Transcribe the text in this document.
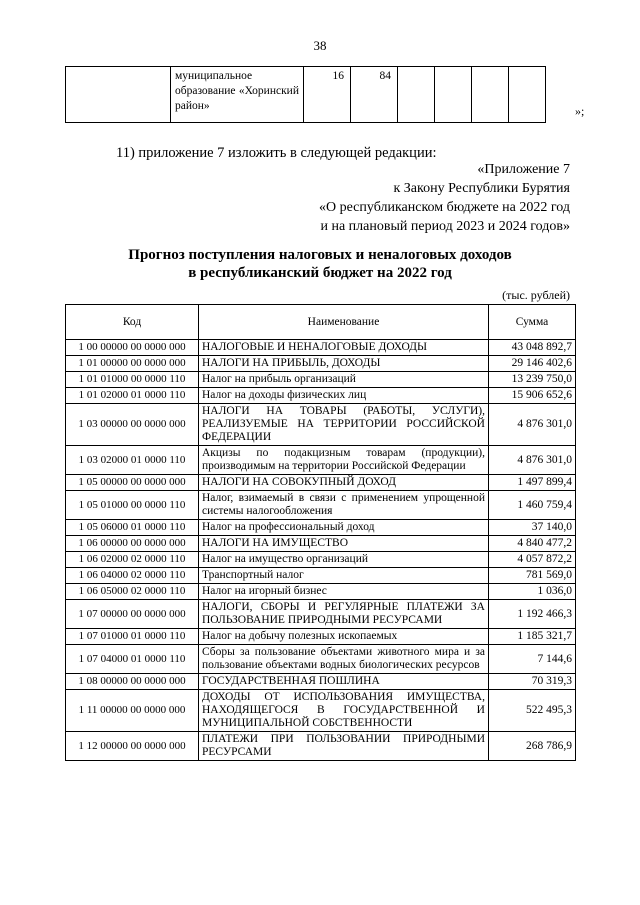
38
	муниципальное образование «Хоринский район»	16	84				
»;
11) приложение 7 изложить в следующей редакции:
«Приложение 7
к Закону Республики Бурятия
«О республиканском бюджете на 2022 год
и на плановый период 2023 и 2024 годов»
Прогноз поступления налоговых и неналоговых доходов
в республиканский бюджет на 2022 год
(тыс. рублей)
Код	Наименование	Сумма
1 00 00000 00 0000 000	НАЛОГОВЫЕ И НЕНАЛОГОВЫЕ ДОХОДЫ	43 048 892,7
1 01 00000 00 0000 000	НАЛОГИ НА ПРИБЫЛЬ, ДОХОДЫ	29 146 402,6
1 01 01000 00 0000 110	Налог на прибыль организаций	13 239 750,0
1 01 02000 01 0000 110	Налог на доходы физических лиц	15 906 652,6
1 03 00000 00 0000 000	НАЛОГИ НА ТОВАРЫ (РАБОТЫ, УСЛУГИ), РЕАЛИЗУЕМЫЕ НА ТЕРРИТОРИИ РОССИЙСКОЙ ФЕДЕРАЦИИ	4 876 301,0
1 03 02000 01 0000 110	Акцизы по подакцизным товарам (продукции), производимым на территории Российской Федерации	4 876 301,0
1 05 00000 00 0000 000	НАЛОГИ НА СОВОКУПНЫЙ ДОХОД	1 497 899,4
1 05 01000 00 0000 110	Налог, взимаемый в связи с применением упрощенной системы налогообложения	1 460 759,4
1 05 06000 01 0000 110	Налог на профессиональный доход	37 140,0
1 06 00000 00 0000 000	НАЛОГИ НА ИМУЩЕСТВО	4 840 477,2
1 06 02000 02 0000 110	Налог на имущество организаций	4 057 872,2
1 06 04000 02 0000 110	Транспортный налог	781 569,0
1 06 05000 02 0000 110	Налог на игорный бизнес	1 036,0
1 07 00000 00 0000 000	НАЛОГИ, СБОРЫ И РЕГУЛЯРНЫЕ ПЛАТЕЖИ ЗА ПОЛЬЗОВАНИЕ ПРИРОДНЫМИ РЕСУРСАМИ	1 192 466,3
1 07 01000 01 0000 110	Налог на добычу полезных ископаемых	1 185 321,7
1 07 04000 01 0000 110	Сборы за пользование объектами животного мира и за пользование объектами водных биологических ресурсов	7 144,6
1 08 00000 00 0000 000	ГОСУДАРСТВЕННАЯ ПОШЛИНА	70 319,3
1 11 00000 00 0000 000	ДОХОДЫ ОТ ИСПОЛЬЗОВАНИЯ ИМУЩЕСТВА, НАХОДЯЩЕГОСЯ В ГОСУДАРСТВЕННОЙ И МУНИЦИПАЛЬНОЙ СОБСТВЕННОСТИ	522 495,3
1 12 00000 00 0000 000	ПЛАТЕЖИ ПРИ ПОЛЬЗОВАНИИ ПРИРОДНЫМИ РЕСУРСАМИ	268 786,9
